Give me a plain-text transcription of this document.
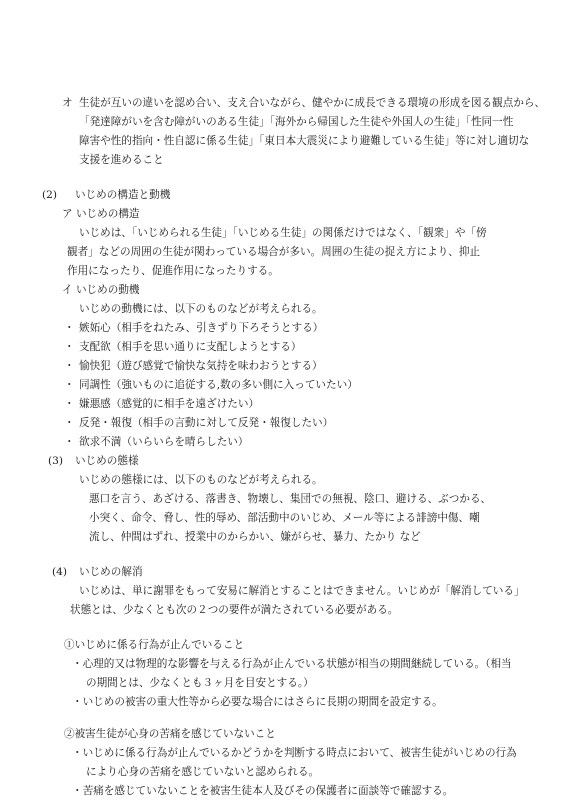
オ 生徒が互いの違いを認め合い、支え合いながら、健やかに成長できる環境の形成を図る観点から、
「発達障がいを含む障がいのある生徒」「海外から帰国した生徒や外国人の生徒」「性同一性
障害や性的指向・性自認に係る生徒」「東日本大震災により避難している生徒」等に対し適切な
支援を進めること
(2) いじめの構造と動機
ア いじめの構造
いじめは、「いじめられる生徒」「いじめる生徒」の関係だけではなく、「観衆」や「傍
観者」などの周囲の生徒が関わっている場合が多い。周囲の生徒の捉え方により、抑止
作用になったり、促進作用になったりする。
イ いじめの動機
いじめの動機には、以下のものなどが考えられる。
・ 嫉妬心（相手をねたみ、引きずり下ろそうとする）
・ 支配欲（相手を思い通りに支配しようとする）
・ 愉快犯（遊び感覚で愉快な気持を味わおうとする）
・ 同調性（強いものに追従する,数の多い側に入っていたい）
・ 嫌悪感（感覚的に相手を遠ざけたい）
・ 反発・報復（相手の言動に対して反発・報復したい）
・ 欲求不満（いらいらを晴らしたい）
(3) いじめの態様
いじめの態様には、以下のものなどが考えられる。
悪口を言う、あざける、落書き、物壊し、集団での無視、陰口、避ける、ぶつかる、
小突く、命令、脅し、性的辱め、部活動中のいじめ、メール等による誹謗中傷、嘲
流し、仲間はずれ、授業中のからかい、嫌がらせ、暴力、たかり など
(4) いじめの解消
いじめは、単に謝罪をもって安易に解消とすることはできません。いじめが「解消している」
状態とは、少なくとも次の２つの要件が満たされている必要がある。
①いじめに係る行為が止んでいること
・心理的又は物理的な影響を与える行為が止んでいる状態が相当の期間継続している。（相当
の期間とは、少なくとも３ヶ月を目安とする。）
・いじめの被害の重大性等から必要な場合にはさらに長期の期間を設定する。
②被害生徒が心身の苦痛を感じていないこと
・いじめに係る行為が止んでいるかどうかを判断する時点において、被害生徒がいじめの行為
により心身の苦痛を感じていないと認められる。
・苦痛を感じていないことを被害生徒本人及びその保護者に面談等で確認する。
